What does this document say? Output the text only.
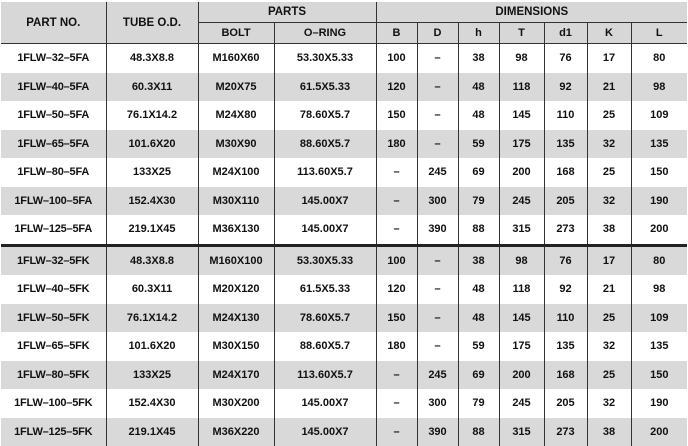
PART NO.	TUBE O.D.	PARTS		DIMENSIONS						
		BOLT	O–RING	B	D	h	T	d1	K	L
1FLW–32–5FA	48.3X8.8	M160X60	53.30X5.33	100	–	38	98	76	17	80
1FLW–40–5FA	60.3X11	M20X75	61.5X5.33	120	–	48	118	92	21	98
1FLW–50–5FA	76.1X14.2	M24X80	78.60X5.7	150	–	48	145	110	25	109
1FLW–65–5FA	101.6X20	M30X90	88.60X5.7	180	–	59	175	135	32	135
1FLW–80–5FA	133X25	M24X100	113.60X5.7	–	245	69	200	168	25	150
1FLW–100–5FA	152.4X30	M30X110	145.00X7	–	300	79	245	205	32	190
1FLW–125–5FA	219.1X45	M36X130	145.00X7	–	390	88	315	273	38	200
1FLW–32–5FK	48.3X8.8	M160X100	53.30X5.33	100	–	38	98	76	17	80
1FLW–40–5FK	60.3X11	M20X120	61.5X5.33	120	–	48	118	92	21	98
1FLW–50–5FK	76.1X14.2	M24X130	78.60X5.7	150	–	48	145	110	25	109
1FLW–65–5FK	101.6X20	M30X150	88.60X5.7	180	–	59	175	135	32	135
1FLW–80–5FK	133X25	M24X170	113.60X5.7	–	245	69	200	168	25	150
1FLW–100–5FK	152.4X30	M30X200	145.00X7	–	300	79	245	205	32	190
1FLW–125–5FK	219.1X45	M36X220	145.00X7	–	390	88	315	273	38	200
